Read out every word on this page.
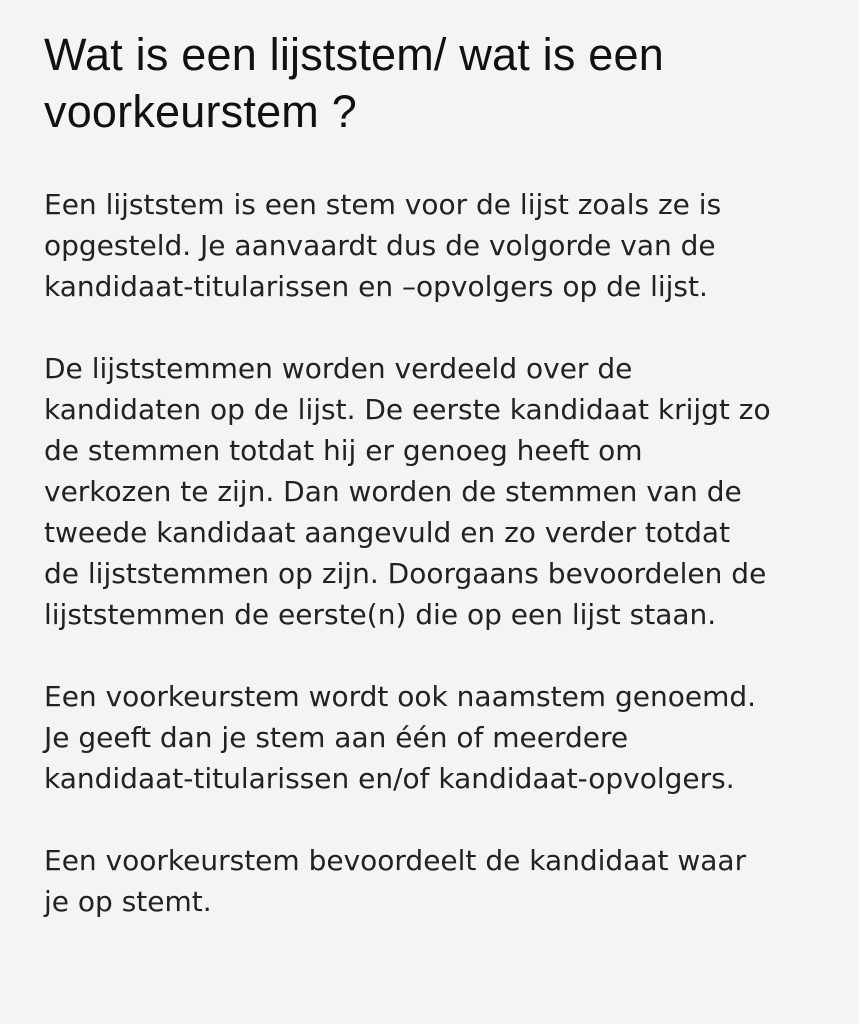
Wat is een lijststem/ wat is een
voorkeurstem ?

Een lijststem is een stem voor de lijst zoals ze is
opgesteld. Je aanvaardt dus de volgorde van de
kandidaat-titularissen en –opvolgers op de lijst.

De lijststemmen worden verdeeld over de
kandidaten op de lijst. De eerste kandidaat krijgt zo
de stemmen totdat hij er genoeg heeft om
verkozen te zijn. Dan worden de stemmen van de
tweede kandidaat aangevuld en zo verder totdat
de lijststemmen op zijn. Doorgaans bevoordelen de
lijststemmen de eerste(n) die op een lijst staan.

Een voorkeurstem wordt ook naamstem genoemd.
Je geeft dan je stem aan één of meerdere
kandidaat-titularissen en/of kandidaat-opvolgers.

Een voorkeurstem bevoordeelt de kandidaat waar
je op stemt.
